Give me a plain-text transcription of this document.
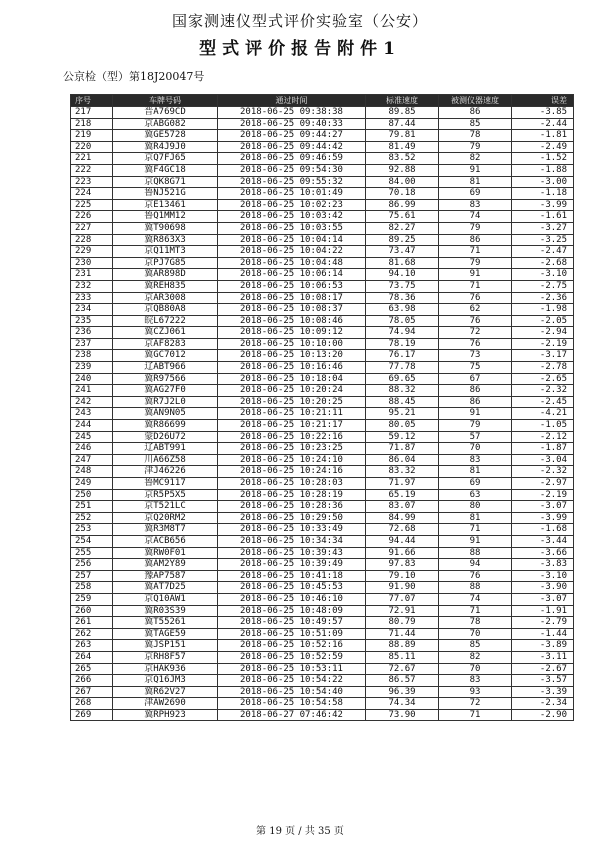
国家测速仪型式评价实验室（公安）
型式评价报告附件1
公京检（型）第18J20047号
序号	车牌号码	通过时间	标准速度	被测仪器速度	误差
217	晋A769CD	2018-06-25 09:38:38	89.85	86	-3.85
218	京ABG082	2018-06-25 09:40:33	87.44	85	-2.44
219	冀GE5728	2018-06-25 09:44:27	79.81	78	-1.81
220	冀R4J9J0	2018-06-25 09:44:42	81.49	79	-2.49
221	京Q7FJ65	2018-06-25 09:46:59	83.52	82	-1.52
222	冀F4GC18	2018-06-25 09:54:30	92.88	91	-1.88
223	京QK8G71	2018-06-25 09:55:32	84.00	81	-3.00
224	鲁NJ521G	2018-06-25 10:01:49	70.18	69	-1.18
225	京E13461	2018-06-25 10:02:23	86.99	83	-3.99
226	鲁Q1MM12	2018-06-25 10:03:42	75.61	74	-1.61
227	冀T90698	2018-06-25 10:03:55	82.27	79	-3.27
228	冀R863X3	2018-06-25 10:04:14	89.25	86	-3.25
229	京Q11MT3	2018-06-25 10:04:22	73.47	71	-2.47
230	京PJ7G85	2018-06-25 10:04:48	81.68	79	-2.68
231	冀AR898D	2018-06-25 10:06:14	94.10	91	-3.10
232	冀REH835	2018-06-25 10:06:53	73.75	71	-2.75
233	京AR3008	2018-06-25 10:08:17	78.36	76	-2.36
234	京QB80A8	2018-06-25 10:08:37	63.98	62	-1.98
235	皖L67222	2018-06-25 10:08:46	78.05	76	-2.05
236	冀CZJ061	2018-06-25 10:09:12	74.94	72	-2.94
237	京AF8283	2018-06-25 10:10:00	78.19	76	-2.19
238	冀GC7012	2018-06-25 10:13:20	76.17	73	-3.17
239	辽ABT966	2018-06-25 10:16:46	77.78	75	-2.78
240	冀R97566	2018-06-25 10:18:04	69.65	67	-2.65
241	冀AG27F0	2018-06-25 10:20:24	88.32	86	-2.32
242	冀R7J2L0	2018-06-25 10:20:25	88.45	86	-2.45
243	冀AN9N05	2018-06-25 10:21:11	95.21	91	-4.21
244	冀R86699	2018-06-25 10:21:17	80.05	79	-1.05
245	蒙D26U72	2018-06-25 10:22:16	59.12	57	-2.12
246	辽ABT991	2018-06-25 10:23:25	71.87	70	-1.87
247	川A66Z58	2018-06-25 10:24:10	86.04	83	-3.04
248	津J46226	2018-06-25 10:24:16	83.32	81	-2.32
249	鲁MC9117	2018-06-25 10:28:03	71.97	69	-2.97
250	京R5P5X5	2018-06-25 10:28:19	65.19	63	-2.19
251	京T521LC	2018-06-25 10:28:36	83.07	80	-3.07
252	京Q20RM2	2018-06-25 10:29:50	84.99	81	-3.99
253	冀R3M8T7	2018-06-25 10:33:49	72.68	71	-1.68
254	京ACB656	2018-06-25 10:34:34	94.44	91	-3.44
255	冀RW0F01	2018-06-25 10:39:43	91.66	88	-3.66
256	冀AM2Y89	2018-06-25 10:39:49	97.83	94	-3.83
257	豫AP7587	2018-06-25 10:41:18	79.10	76	-3.10
258	冀AT7D25	2018-06-25 10:45:53	91.90	88	-3.90
259	京Q10AW1	2018-06-25 10:46:10	77.07	74	-3.07
260	冀R03S39	2018-06-25 10:48:09	72.91	71	-1.91
261	冀T55261	2018-06-25 10:49:57	80.79	78	-2.79
262	冀TAGE59	2018-06-25 10:51:09	71.44	70	-1.44
263	冀JSP151	2018-06-25 10:52:16	88.89	85	-3.89
264	京RH8F57	2018-06-25 10:52:59	85.11	82	-3.11
265	京HAK936	2018-06-25 10:53:11	72.67	70	-2.67
266	京Q16JM3	2018-06-25 10:54:22	86.57	83	-3.57
267	冀R62V27	2018-06-25 10:54:40	96.39	93	-3.39
268	津AW2690	2018-06-25 10:54:58	74.34	72	-2.34
269	冀RPH923	2018-06-27 07:46:42	73.90	71	-2.90
第 19 页 / 共 35 页
